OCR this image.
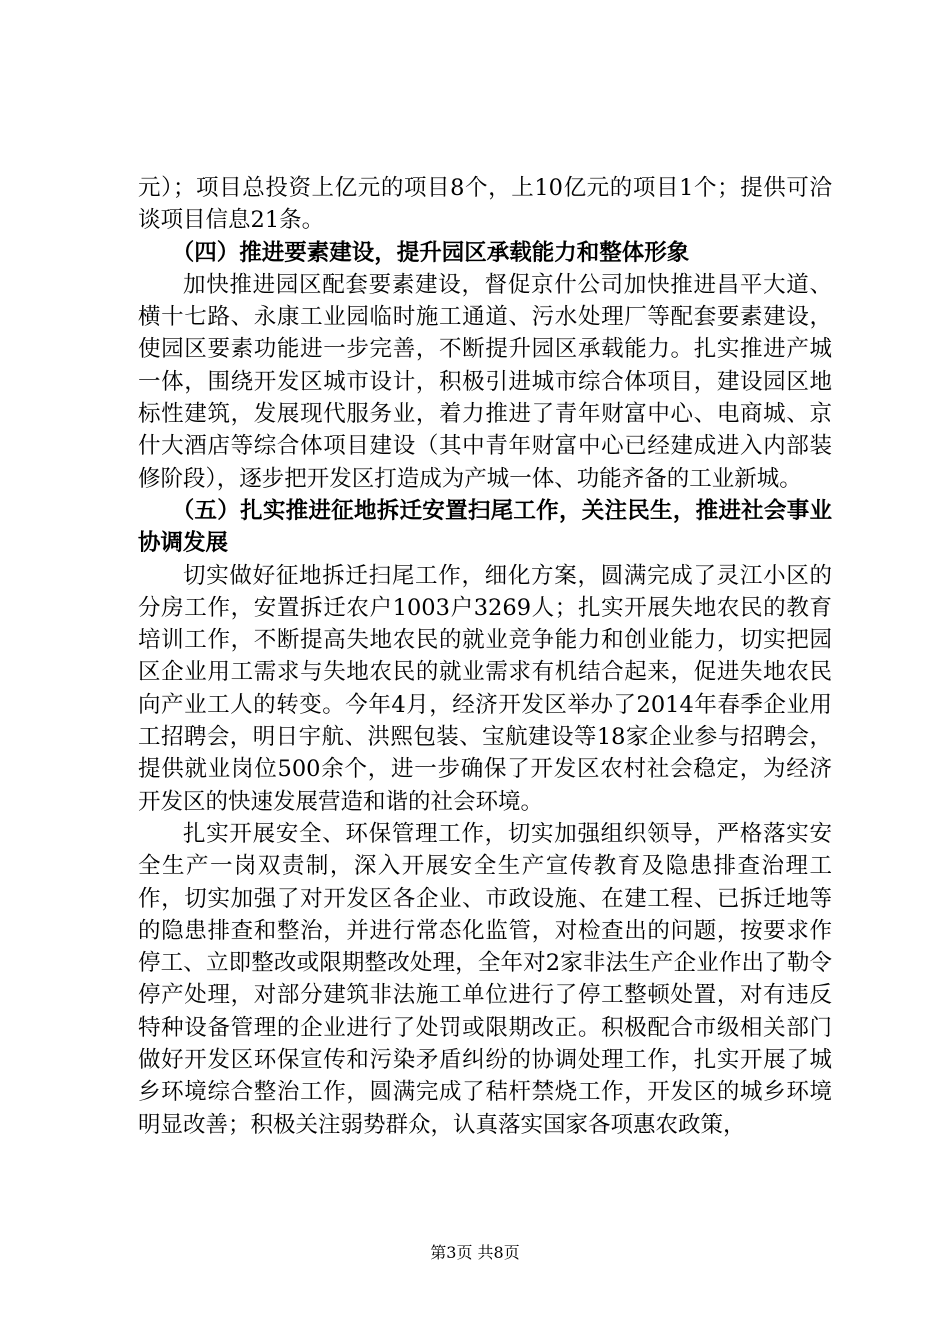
元）；项目总投资上亿元的项目8个，上10亿元的项目1个；提供可洽谈项目信息21条。

（四）推进要素建设，提升园区承载能力和整体形象

加快推进园区配套要素建设，督促京什公司加快推进昌平大道、横十七路、永康工业园临时施工通道、污水处理厂等配套要素建设，使园区要素功能进一步完善，不断提升园区承载能力。扎实推进产城一体，围绕开发区城市设计，积极引进城市综合体项目，建设园区地标性建筑，发展现代服务业，着力推进了青年财富中心、电商城、京什大酒店等综合体项目建设（其中青年财富中心已经建成进入内部装修阶段），逐步把开发区打造成为产城一体、功能齐备的工业新城。

（五）扎实推进征地拆迁安置扫尾工作，关注民生，推进社会事业协调发展

切实做好征地拆迁扫尾工作，细化方案，圆满完成了灵江小区的分房工作，安置拆迁农户1003户3269人；扎实开展失地农民的教育培训工作，不断提高失地农民的就业竞争能力和创业能力，切实把园区企业用工需求与失地农民的就业需求有机结合起来，促进失地农民向产业工人的转变。今年4月，经济开发区举办了2014年春季企业用工招聘会，明日宇航、洪熙包装、宝航建设等18家企业参与招聘会，提供就业岗位500余个，进一步确保了开发区农村社会稳定，为经济开发区的快速发展营造和谐的社会环境。

扎实开展安全、环保管理工作，切实加强组织领导，严格落实安全生产一岗双责制，深入开展安全生产宣传教育及隐患排查治理工作，切实加强了对开发区各企业、市政设施、在建工程、已拆迁地等的隐患排查和整治，并进行常态化监管，对检查出的问题，按要求作停工、立即整改或限期整改处理，全年对2家非法生产企业作出了勒令停产处理，对部分建筑非法施工单位进行了停工整顿处置，对有违反特种设备管理的企业进行了处罚或限期改正。积极配合市级相关部门做好开发区环保宣传和污染矛盾纠纷的协调处理工作，扎实开展了城乡环境综合整治工作，圆满完成了秸杆禁烧工作，开发区的城乡环境明显改善；积极关注弱势群众，认真落实国家各项惠农政策，

第3页 共8页
